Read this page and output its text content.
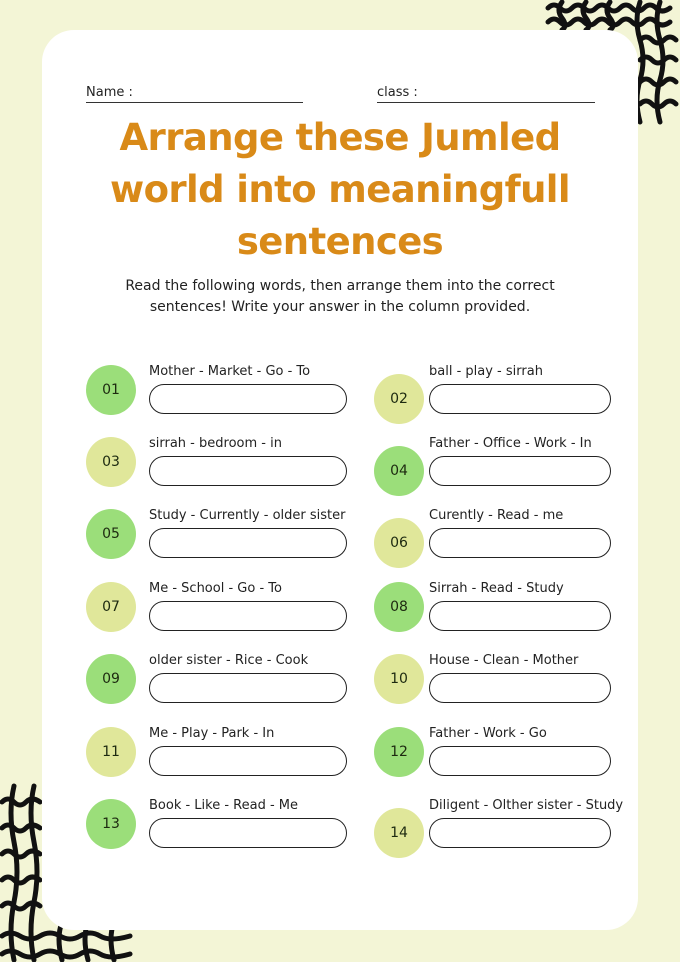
Name :	class :
Arrange these Jumled
world into meaningfull
sentences

Read the following words, then arrange them into the correct
sentences! Write your answer in the column provided.

01
Mother - Market - Go - To
03
sirrah - bedroom - in
05
Study - Currently - older sister
07
Me - School - Go - To
09
older sister - Rice - Cook
11
Me - Play - Park - In
13
Book - Like - Read - Me
02
ball - play - sirrah
04
Father - Office - Work - In
06
Curently - Read - me
08
Sirrah - Read - Study
10
House - Clean - Mother
12
Father - Work - Go
14
Diligent - Olther sister - Study
